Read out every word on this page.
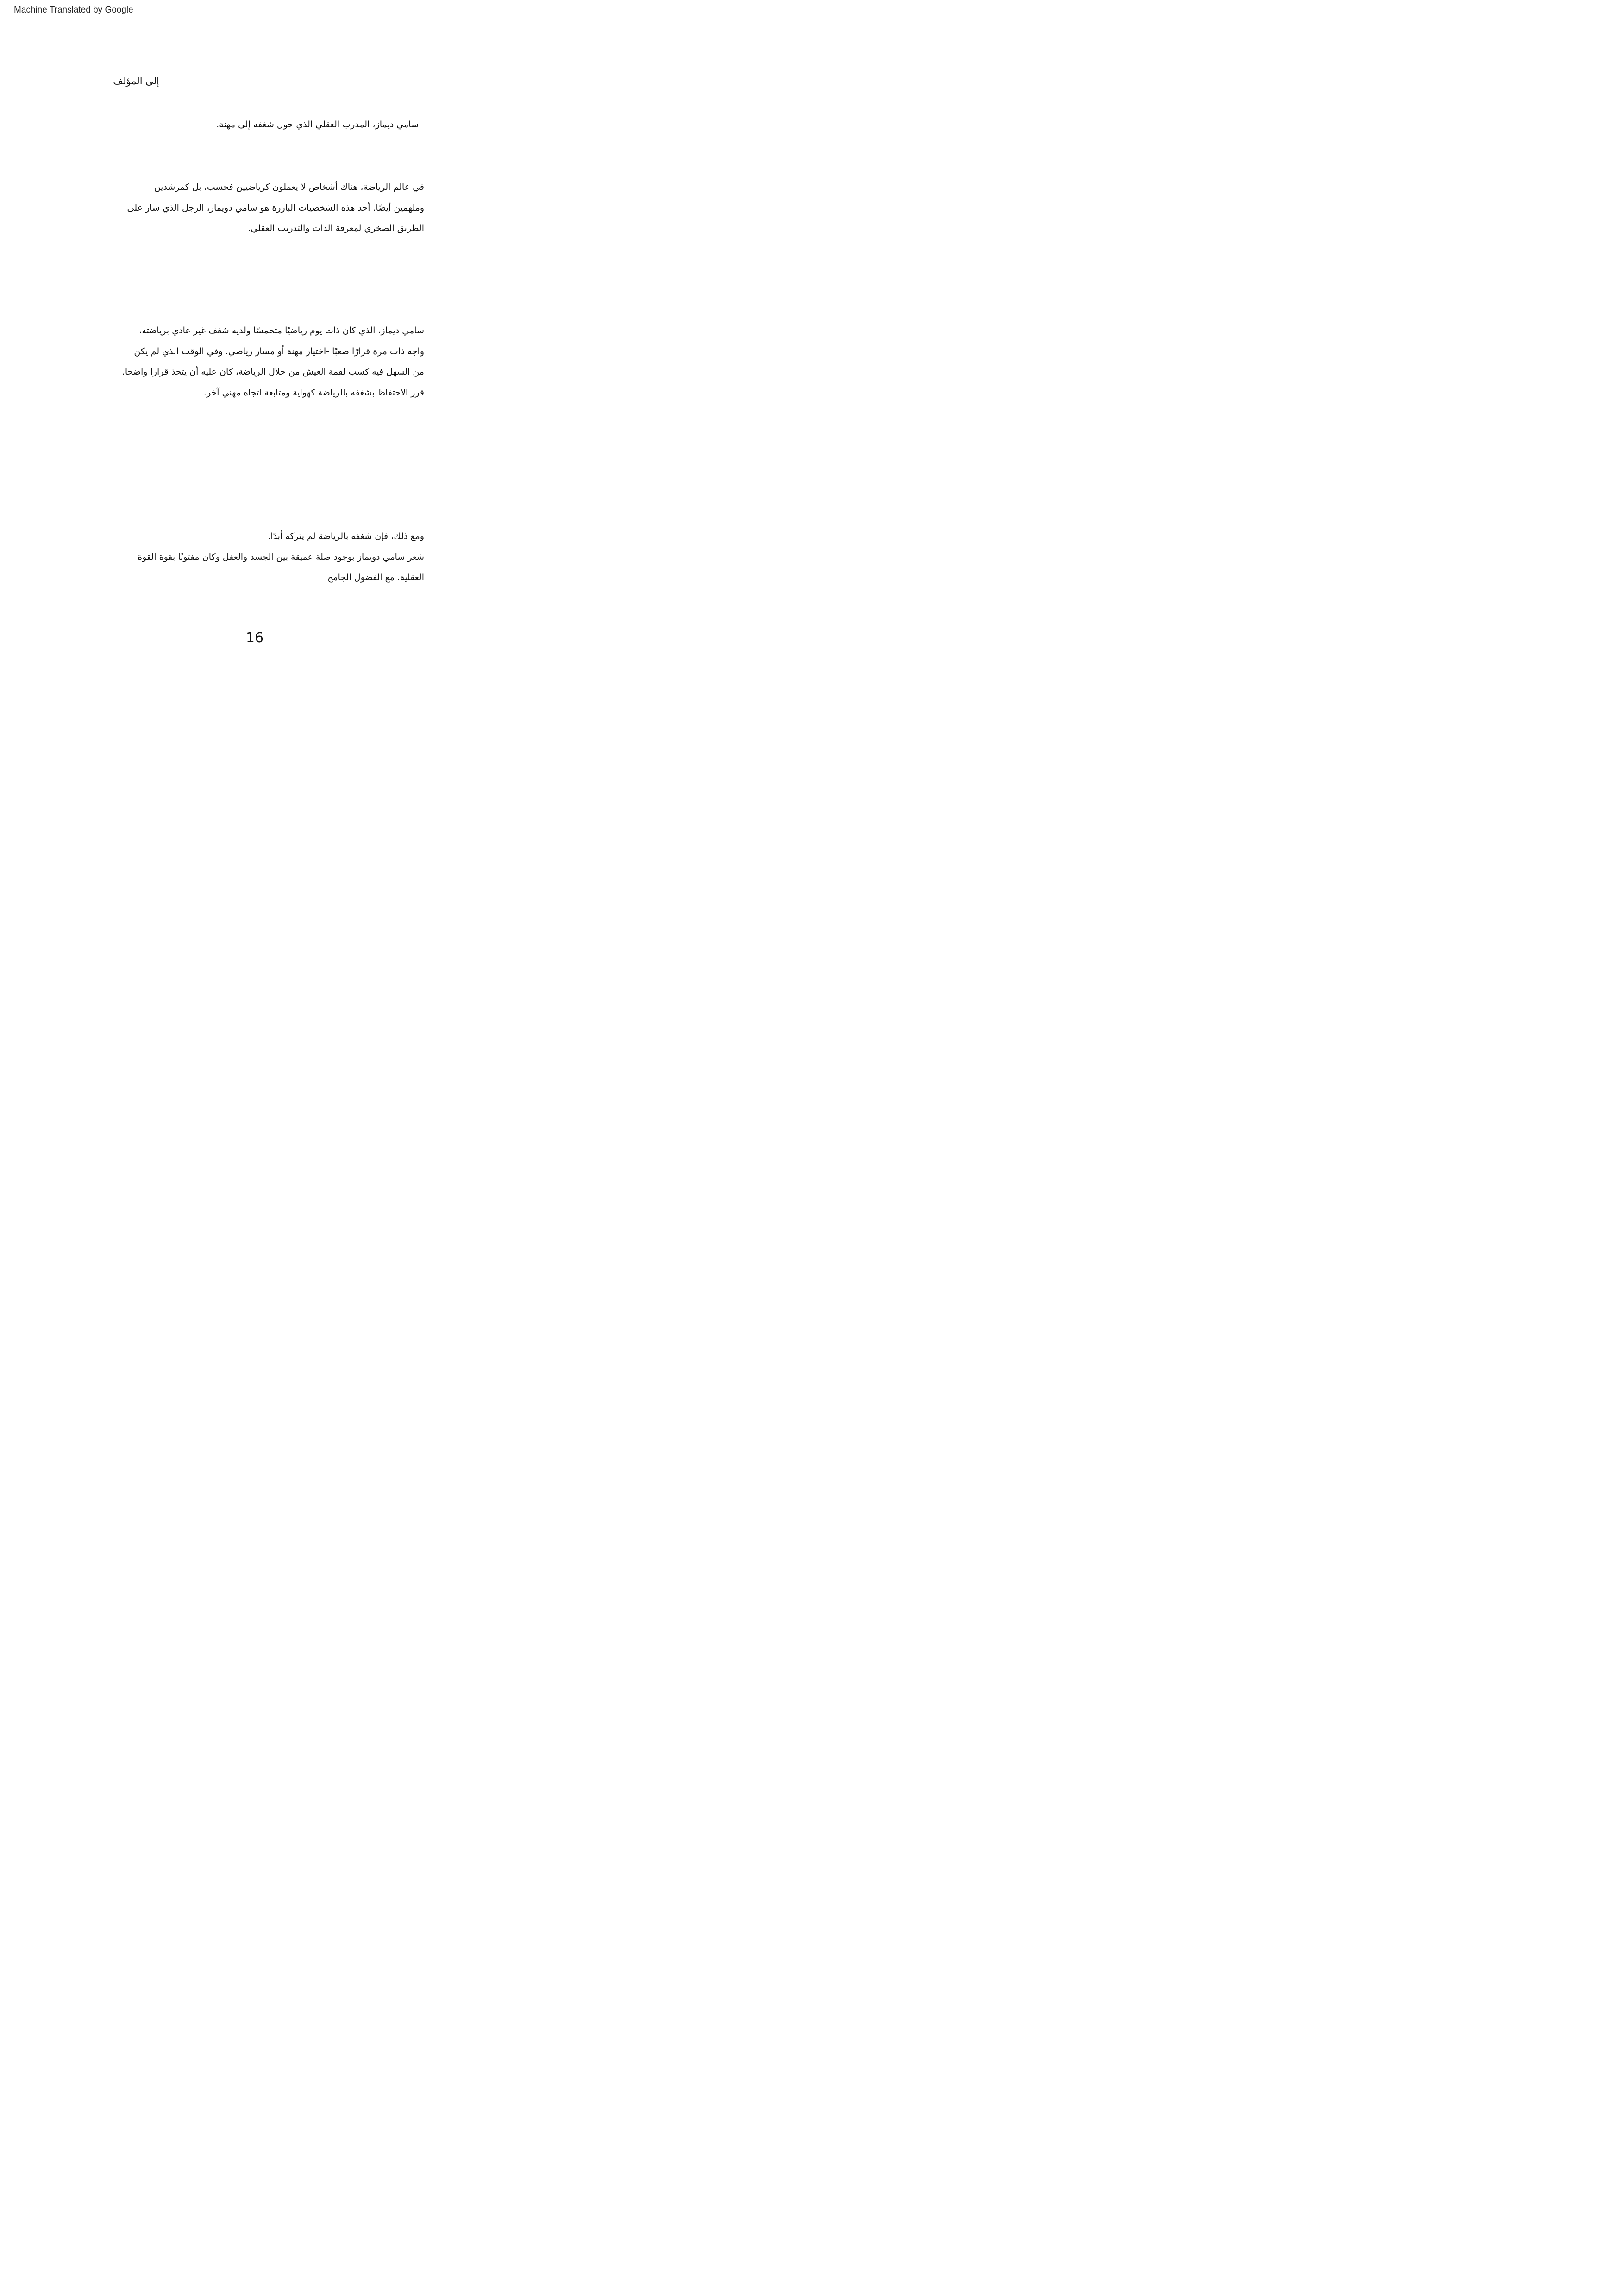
Machine Translated by Google
إلى المؤلف
سامي ديماز، المدرب العقلي الذي حول شغفه إلى مهنة.
في عالم الرياضة، هناك أشخاص لا يعملون كرياضيين فحسب، بل كمرشدين
وملهمين أيضًا. أحد هذه الشخصيات البارزة هو سامي دويماز، الرجل الذي سار على
الطريق الصخري لمعرفة الذات والتدريب العقلي.
سامي ديماز، الذي كان ذات يوم رياضيًا متحمسًا ولديه شغف غير عادي برياضته،
واجه ذات مرة قرارًا صعبًا -اختيار مهنة أو مسار رياضي. وفي الوقت الذي لم يكن
من السهل فيه كسب لقمة العيش من خلال الرياضة، كان عليه أن يتخذ قرارا واضحا.
قرر الاحتفاظ بشغفه بالرياضة كهواية ومتابعة اتجاه مهني آخر.
ومع ذلك، فإن شغفه بالرياضة لم يتركه أبدًا.
شعر سامي دويماز بوجود صلة عميقة بين الجسد والعقل وكان مفتونًا بقوة القوة
العقلية. مع الفضول الجامح
16
